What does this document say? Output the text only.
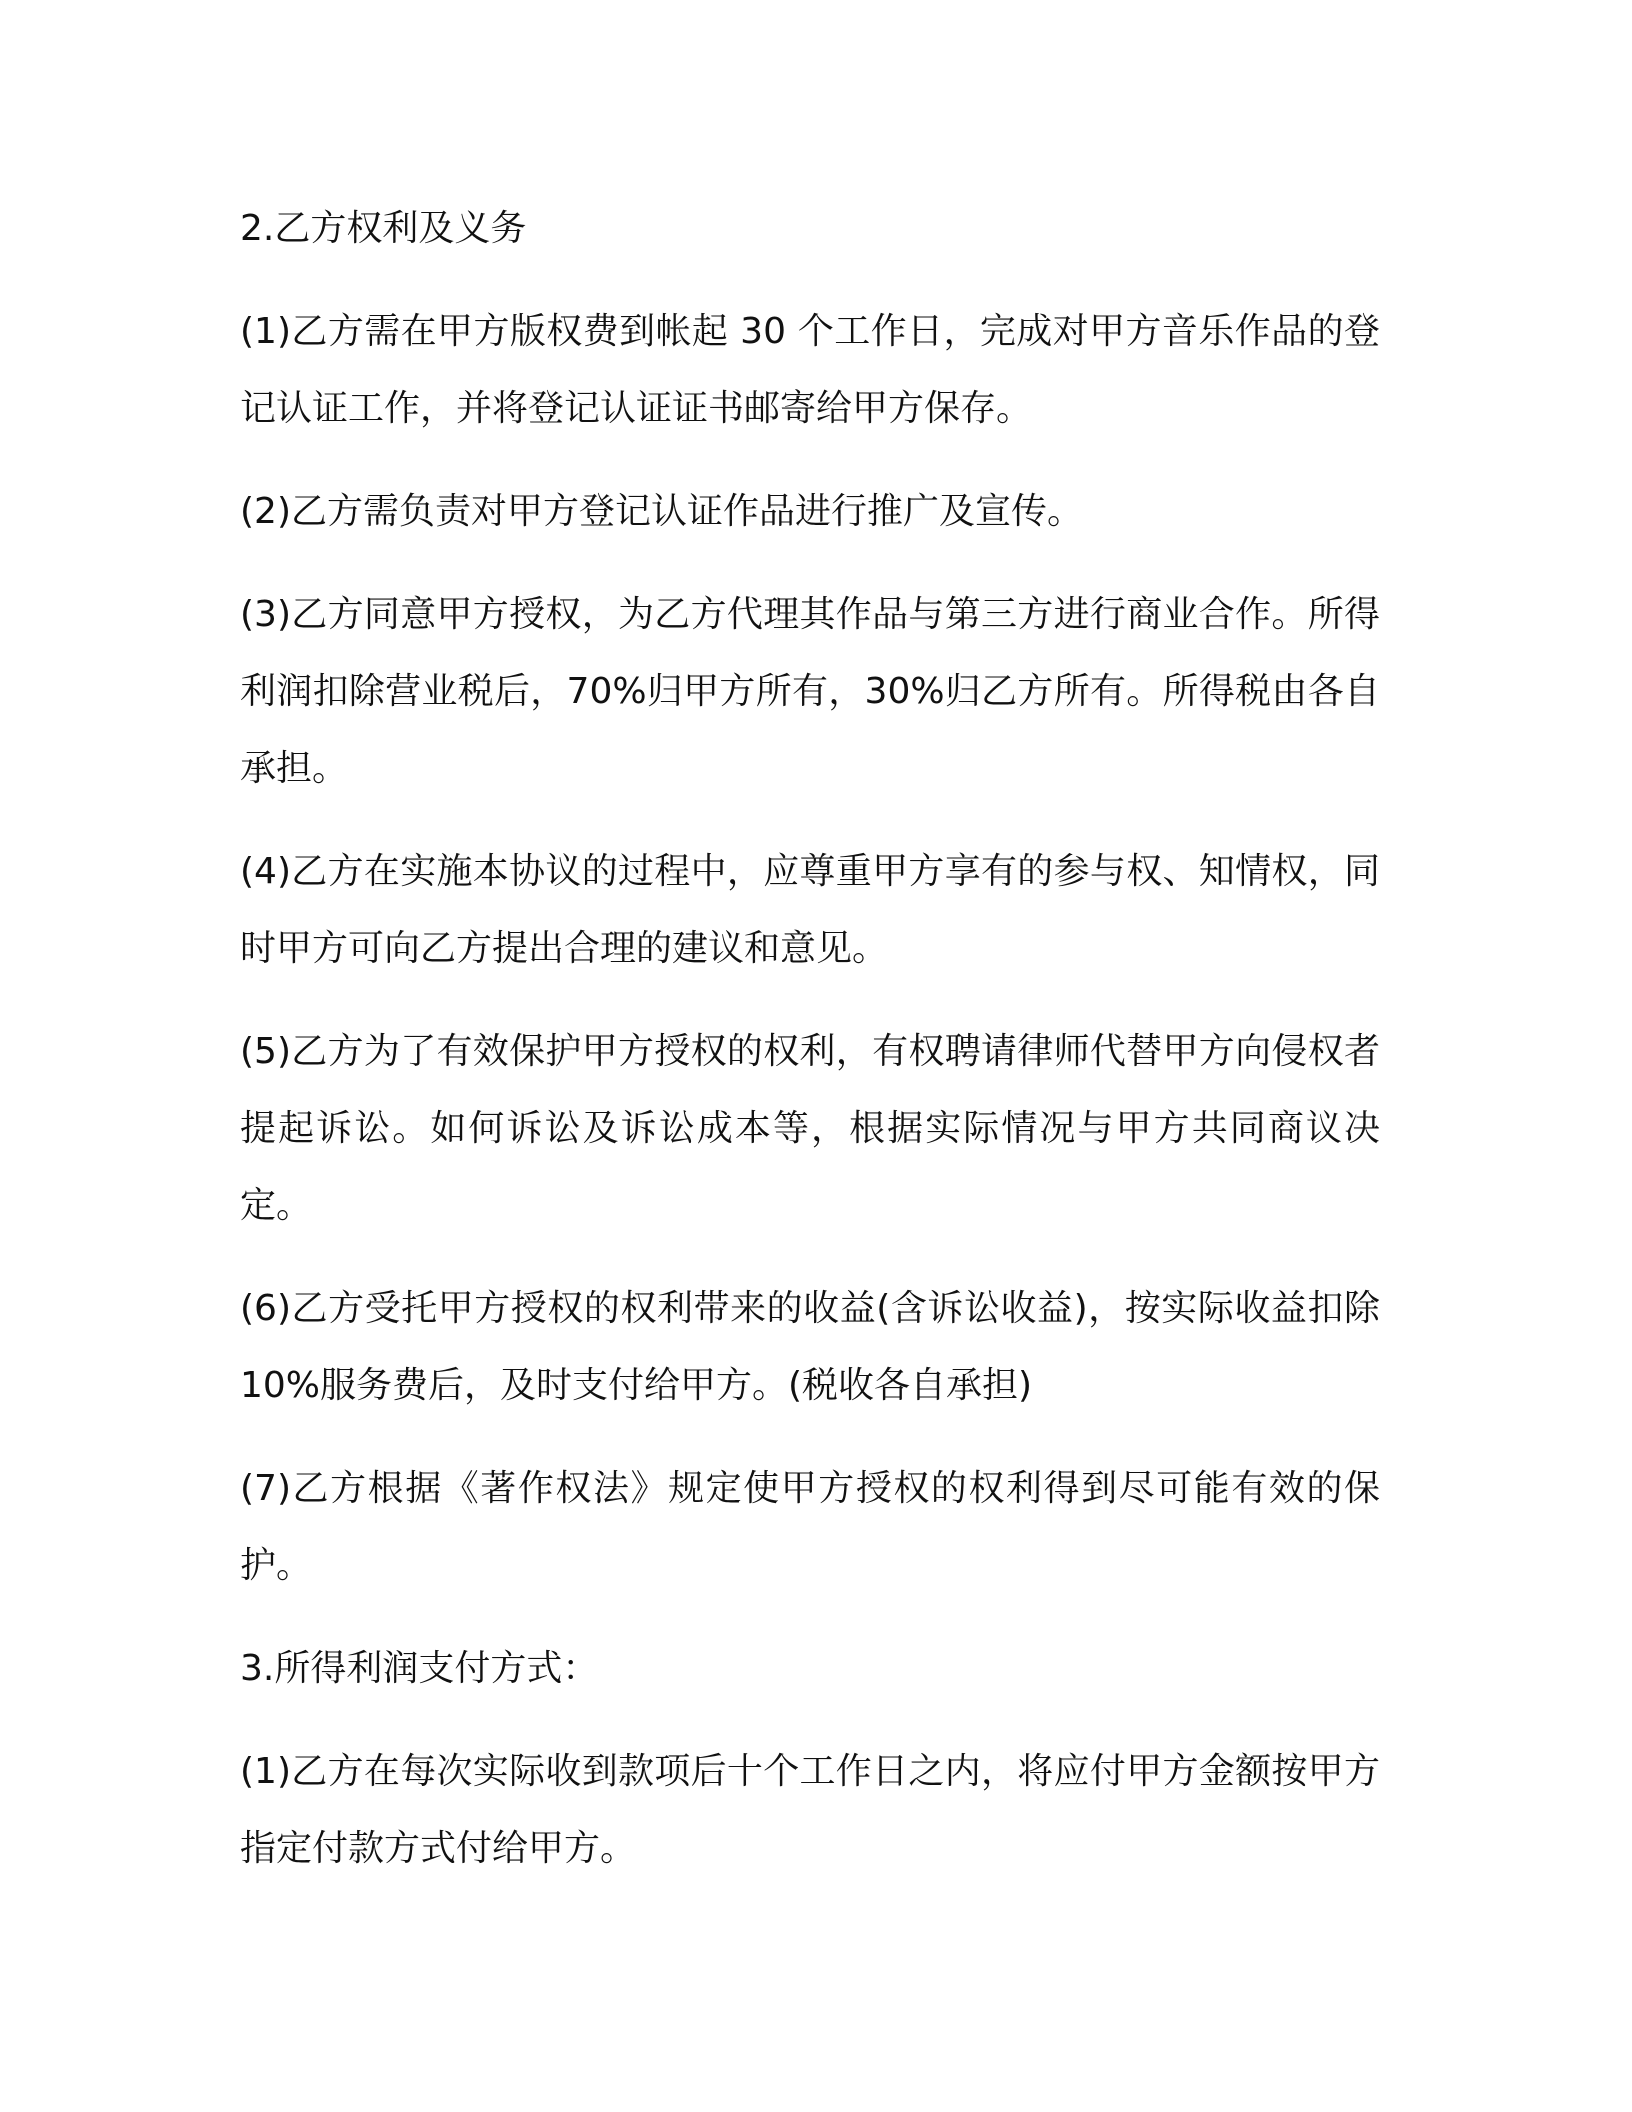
2.乙方权利及义务

(1)乙方需在甲方版权费到帐起 30 个工作日，完成对甲方音乐作品的登记认证工作，并将登记认证证书邮寄给甲方保存。

(2)乙方需负责对甲方登记认证作品进行推广及宣传。

(3)乙方同意甲方授权，为乙方代理其作品与第三方进行商业合作。所得利润扣除营业税后，70%归甲方所有，30%归乙方所有。所得税由各自承担。

(4)乙方在实施本协议的过程中，应尊重甲方享有的参与权、知情权，同时甲方可向乙方提出合理的建议和意见。

(5)乙方为了有效保护甲方授权的权利，有权聘请律师代替甲方向侵权者提起诉讼。如何诉讼及诉讼成本等，根据实际情况与甲方共同商议决定。

(6)乙方受托甲方授权的权利带来的收益(含诉讼收益)，按实际收益扣除 10%服务费后，及时支付给甲方。(税收各自承担)

(7)乙方根据《著作权法》规定使甲方授权的权利得到尽可能有效的保护。

3.所得利润支付方式：

(1)乙方在每次实际收到款项后十个工作日之内，将应付甲方金额按甲方指定付款方式付给甲方。
